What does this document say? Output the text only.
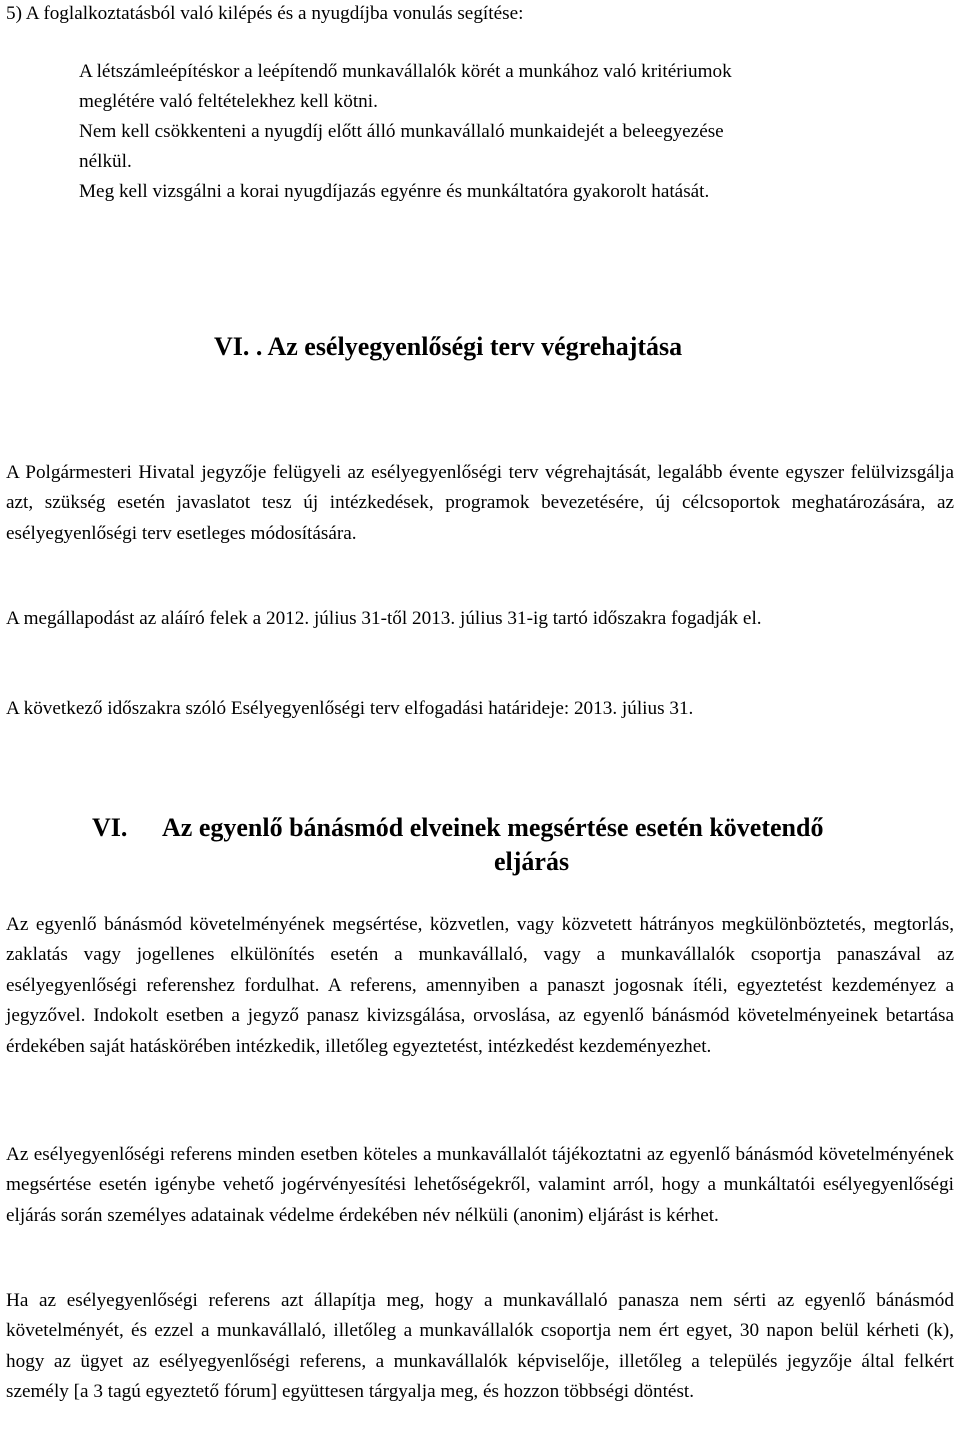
5) A foglalkoztatásból való kilépés és a nyugdíjba vonulás segítése:
A létszámleépítéskor a leépítendő munkavállalók körét a munkához való kritériumok
meglétére való feltételekhez kell kötni.
Nem kell csökkenteni a nyugdíj előtt álló munkavállaló munkaidejét a beleegyezése
nélkül.
Meg kell vizsgálni a korai nyugdíjazás egyénre és munkáltatóra gyakorolt hatását.
VI. . Az esélyegyenlőségi terv végrehajtása

A Polgármesteri Hivatal jegyzője felügyeli az esélyegyenlőségi terv végrehajtását, legalább évente egyszer felülvizsgálja azt, szükség esetén javaslatot tesz új intézkedések, programok bevezetésére, új célcsoportok meghatározására, az esélyegyenlőségi terv esetleges módosítására.

A megállapodást az aláíró felek a 2012. július 31-től 2013. július 31-ig tartó időszakra fogadják el.

A következő időszakra szóló Esélyegyenlőségi terv elfogadási határideje: 2013. július 31.
VI. Az egyenlő bánásmód elveinek megsértése esetén követendő
eljárás

Az egyenlő bánásmód követelményének megsértése, közvetlen, vagy közvetett hátrányos megkülönböztetés, megtorlás, zaklatás vagy jogellenes elkülönítés esetén a munkavállaló, vagy a munkavállalók csoportja panaszával az esélyegyenlőségi referenshez fordulhat. A referens, amennyiben a panaszt jogosnak ítéli, egyeztetést kezdeményez a jegyzővel. Indokolt esetben a jegyző panasz kivizsgálása, orvoslása, az egyenlő bánásmód követelményeinek betartása érdekében saját hatáskörében intézkedik, illetőleg egyeztetést, intézkedést kezdeményezhet.

Az esélyegyenlőségi referens minden esetben köteles a munkavállalót tájékoztatni az egyenlő bánásmód követelményének megsértése esetén igénybe vehető jogérvényesítési lehetőségekről, valamint arról, hogy a munkáltatói esélyegyenlőségi eljárás során személyes adatainak védelme érdekében név nélküli (anonim) eljárást is kérhet.

Ha az esélyegyenlőségi referens azt állapítja meg, hogy a munkavállaló panasza nem sérti az egyenlő bánásmód követelményét, és ezzel a munkavállaló, illetőleg a munkavállalók csoportja nem ért egyet, 30 napon belül kérheti (k), hogy az ügyet az esélyegyenlőségi referens, a munkavállalók képviselője, illetőleg a település jegyzője által felkért személy [a 3 tagú egyeztető fórum] együttesen tárgyalja meg, és hozzon többségi döntést.
